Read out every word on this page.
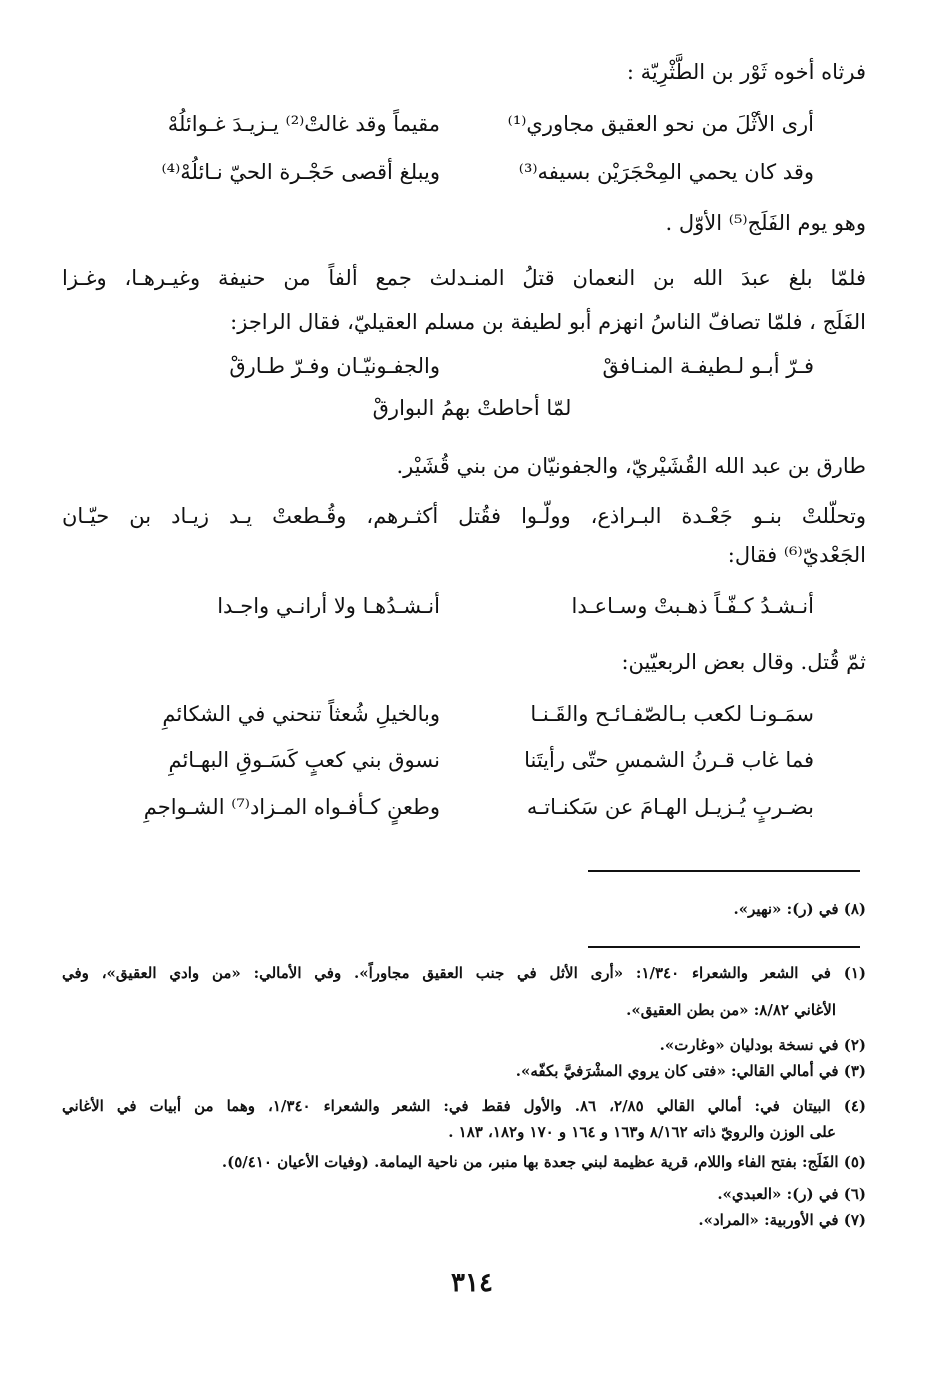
فرثاه أخوه ثَوْر بن الطَّثْرِيّة :
أرى الأثْلَ من نحو العقيق مجاوري⁽¹⁾
مقيماً وقد غالتْ⁽²⁾ يـزيـدَ غـوائلُهْ
وقد كان يحمي المِحْجَرَيْن بسيفه⁽³⁾
ويبلغ أقصى حَجْـرة الحيّ نـائلُهْ⁽⁴⁾
وهو يوم الفَلَج⁽⁵⁾ الأوّل .
فلمّا بلغ عبدَ الله بن النعمان قتلُ المنـدلث جمع ألفاً من حنيفة وغيـرهـا، وغـزا
الفَلَج ، فلمّا تصافّ الناسُ انهزم أبو لطيفة بن مسلم العقيليّ، فقال الراجز:
فـرّ أبـو لـطيفـة المنـافقْ
والجفـونيّـان وفـرّ طـارقْ
لمّا أحاطتْ بهمُ البوارقْ
طارق بن عبد الله القُشَيْريّ، والجفونيّان من بني قُشَيْر.
وتحلّلتْ بنـو جَعْـدة البـراذع، وولّـوا فقُتل أكثـرهم، وقُـطعتْ يـد زيـاد بن حيّـان
الجَعْديّ⁽⁶⁾ فقال:
أنـشـدُ كـفّـاً ذهـبتْ وسـاعـدا
أنـشـدُهـا ولا أرانـي واجـدا
ثمّ قُتل. وقال بعض الربعيّين:
سمَـونـا لكعب بـالصّفـائـح والقَـنـا
وبالخيلِ شُعثاً تنحني في الشكائمِ
فما غاب قـرنُ الشمسِ حتّى رأيتَنا
نسوق بني كعبٍ كَسَـوقِ البهـائمِ
بضـربٍ يُـزيـل الهـامَ عن سَكنـاتـه
وطعنٍ كـأفـواه المـزاد⁽⁷⁾ الشـواجمِ
(٨) في (ر): «نهير».
(١) في الشعر والشعراء ١/٣٤٠: «أرى الأثل في جنب العقيق مجاوراً». وفي الأمالي: «من وادي العقيق»، وفي
الأغاني ٨/٨٢: «من بطن العقيق».
(٢) في نسخة بودليان «وغارت».
(٣) في أمالي القالي: «فتى كان يروي المشْرَفيَّ بكفّه».
(٤) البيتان في: أمالي القالي ٢/٨٥، ٨٦. والأول فقط في: الشعر والشعراء ١/٣٤٠، وهما من أبيات في الأغاني
على الوزن والرويّ ذاته ٨/١٦٢ و١٦٣ و ١٦٤ و ١٧٠ و١٨٢، ١٨٣ .
(٥) الفَلَج: بفتح الفاء واللام، قرية عظيمة لبني جعدة بها منبر، من ناحية اليمامة. (وفيات الأعيان ٥/٤١٠).
(٦) في (ر): «العبدي».
(٧) في الأوربية: «المراد».
٣١٤
